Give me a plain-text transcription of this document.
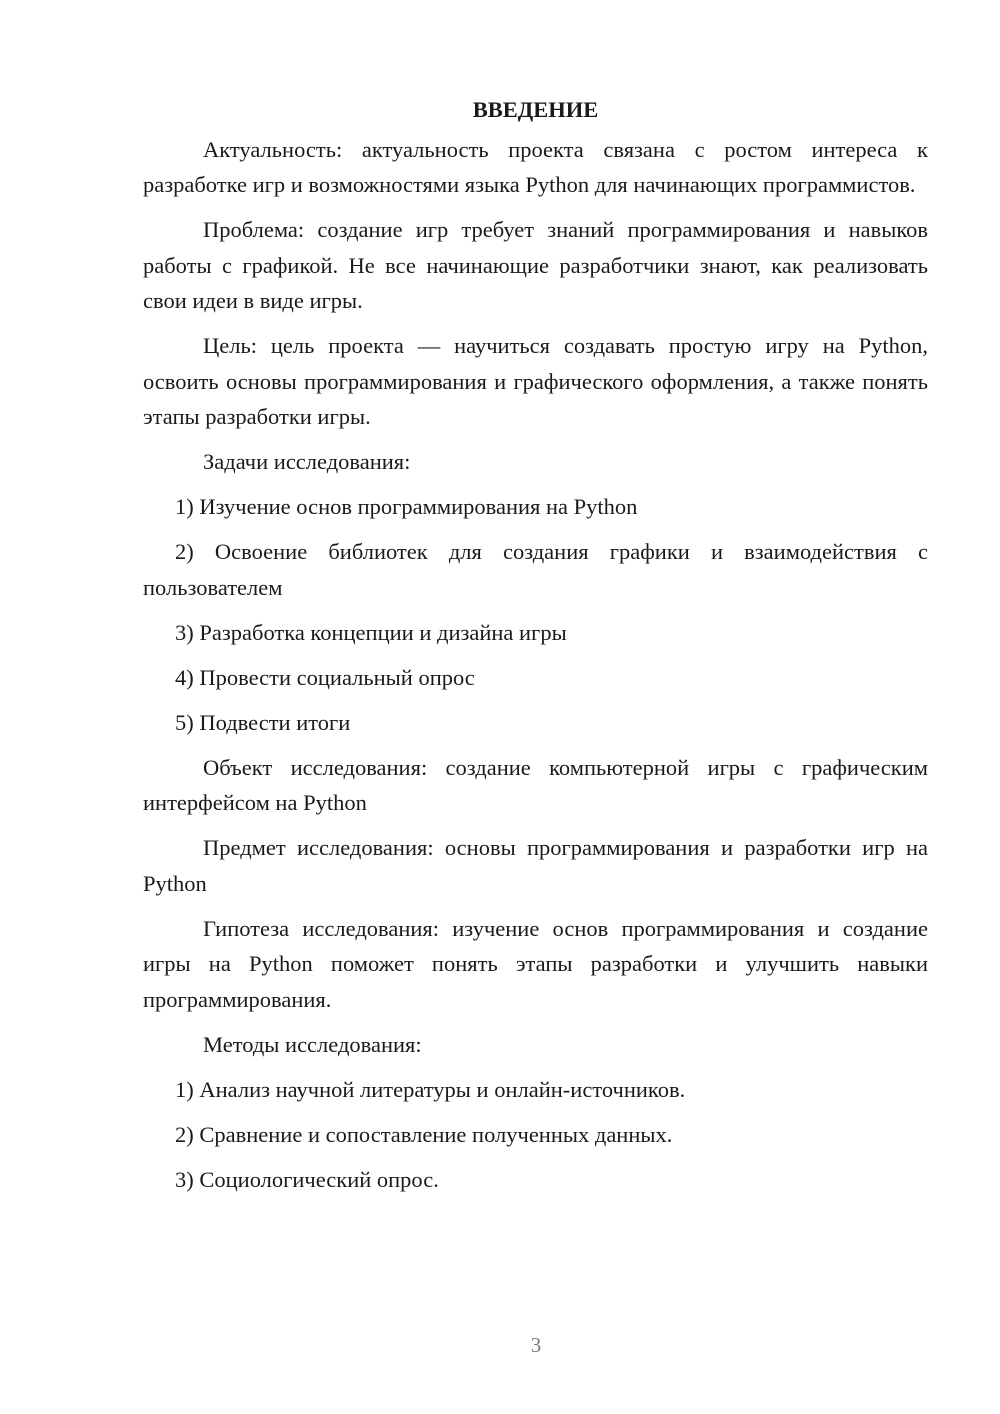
ВВЕДЕНИЕ

Актуальность: актуальность проекта связана с ростом интереса к разработке игр и возможностями языка Python для начинающих программистов.

Проблема: создание игр требует знаний программирования и навыков работы с графикой. Не все начинающие разработчики знают, как реализовать свои идеи в виде игры.

Цель: цель проекта — научиться создавать простую игру на Python, освоить основы программирования и графического оформления, а также понять этапы разработки игры.

Задачи исследования:

1) Изучение основ программирования на Python

2) Освоение библиотек для создания графики и взаимодействия с пользователем

3) Разработка концепции и дизайна игры

4) Провести социальный опрос

5) Подвести итоги

Объект исследования: создание компьютерной игры с графическим интерфейсом на Python

Предмет исследования: основы программирования и разработки игр на Python

Гипотеза исследования: изучение основ программирования и создание игры на Python поможет понять этапы разработки и улучшить навыки программирования.

Методы исследования:

1) Анализ научной литературы и онлайн-источников.

2) Сравнение и сопоставление полученных данных.

3) Социологический опрос.

3
